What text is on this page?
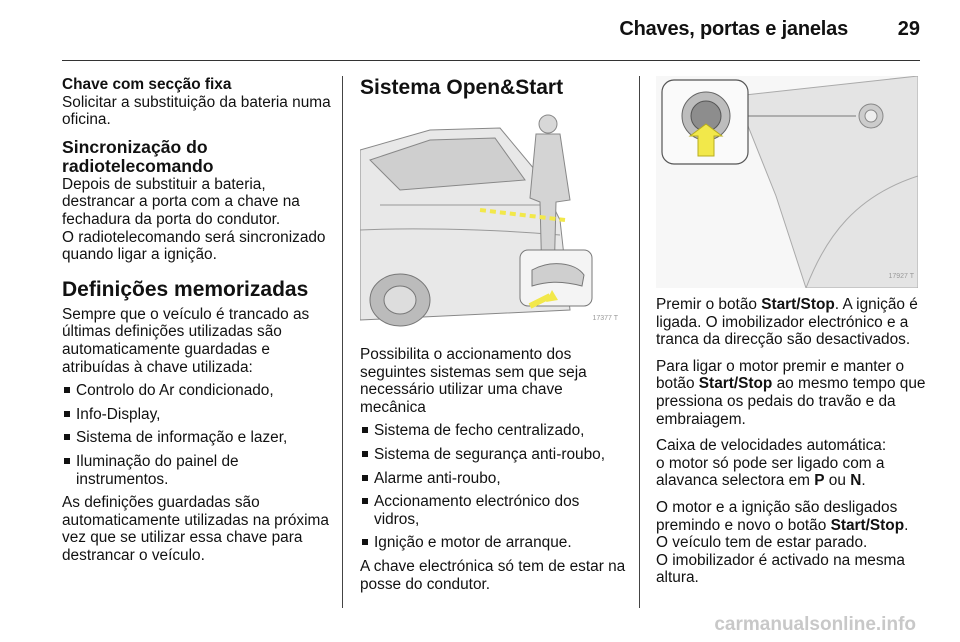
Chaves, portas e janelas 29

Chave com secção fixa

Solicitar a substituição da bateria numa oficina.

Sincronização do radiotelecomando

Depois de substituir a bateria, destrancar a porta com a chave na fechadura da porta do condutor.

O radiotelecomando será sincronizado quando ligar a ignição.

Definições memorizadas

Sempre que o veículo é trancado as últimas definições utilizadas são automaticamente guardadas e atribuídas à chave utilizada:

Controlo do Ar condicionado,
Info-Display,
Sistema de informação e lazer,
Iluminação do painel de instrumentos.

As definições guardadas são automaticamente utilizadas na próxima vez que se utilizar essa chave para destrancar o veículo.

Sistema Open&Start

17377 T

Possibilita o accionamento dos seguintes sistemas sem que seja necessário utilizar uma chave mecânica

Sistema de fecho centralizado,
Sistema de segurança anti-roubo,
Alarme anti-roubo,
Accionamento electrónico dos vidros,
Ignição e motor de arranque.

A chave electrónica só tem de estar na posse do condutor.

17927 T

Premir o botão Start/Stop. A ignição é ligada. O imobilizador electrónico e a tranca da direcção são desactivados.

Para ligar o motor premir e manter o botão Start/Stop ao mesmo tempo que pressiona os pedais do travão e da embraiagem.

Caixa de velocidades automática:

o motor só pode ser ligado com a alavanca selectora em P ou N.

O motor e a ignição são desligados premindo e novo o botão Start/Stop.

O veículo tem de estar parado.

O imobilizador é activado na mesma altura.

carmanualsonline.info
